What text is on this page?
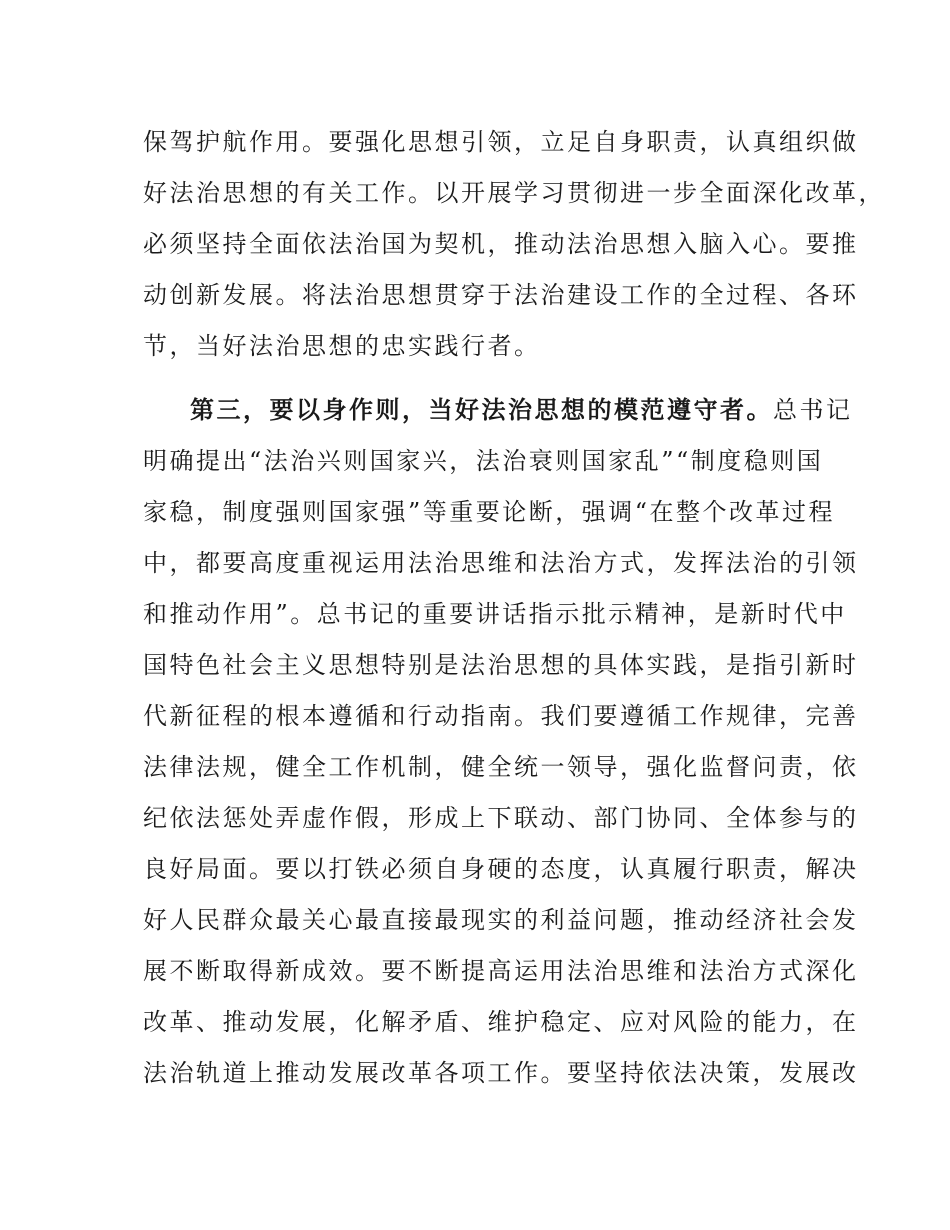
保驾护航作用。要强化思想引领，立足自身职责，认真组织做

好法治思想的有关工作。以开展学习贯彻进一步全面深化改革，

必须坚持全面依法治国为契机，推动法治思想入脑入心。要推

动创新发展。将法治思想贯穿于法治建设工作的全过程、各环

节，当好法治思想的忠实践行者。

第三，要以身作则，当好法治思想的模范遵守者。总书记

明确提出“法治兴则国家兴，法治衰则国家乱”“制度稳则国

家稳，制度强则国家强”等重要论断，强调“在整个改革过程

中，都要高度重视运用法治思维和法治方式，发挥法治的引领

和推动作用”。总书记的重要讲话指示批示精神，是新时代中

国特色社会主义思想特别是法治思想的具体实践，是指引新时

代新征程的根本遵循和行动指南。我们要遵循工作规律，完善

法律法规，健全工作机制，健全统一领导，强化监督问责，依

纪依法惩处弄虚作假，形成上下联动、部门协同、全体参与的

良好局面。要以打铁必须自身硬的态度，认真履行职责，解决

好人民群众最关心最直接最现实的利益问题，推动经济社会发

展不断取得新成效。要不断提高运用法治思维和法治方式深化

改革、推动发展，化解矛盾、维护稳定、应对风险的能力，在

法治轨道上推动发展改革各项工作。要坚持依法决策，发展改
